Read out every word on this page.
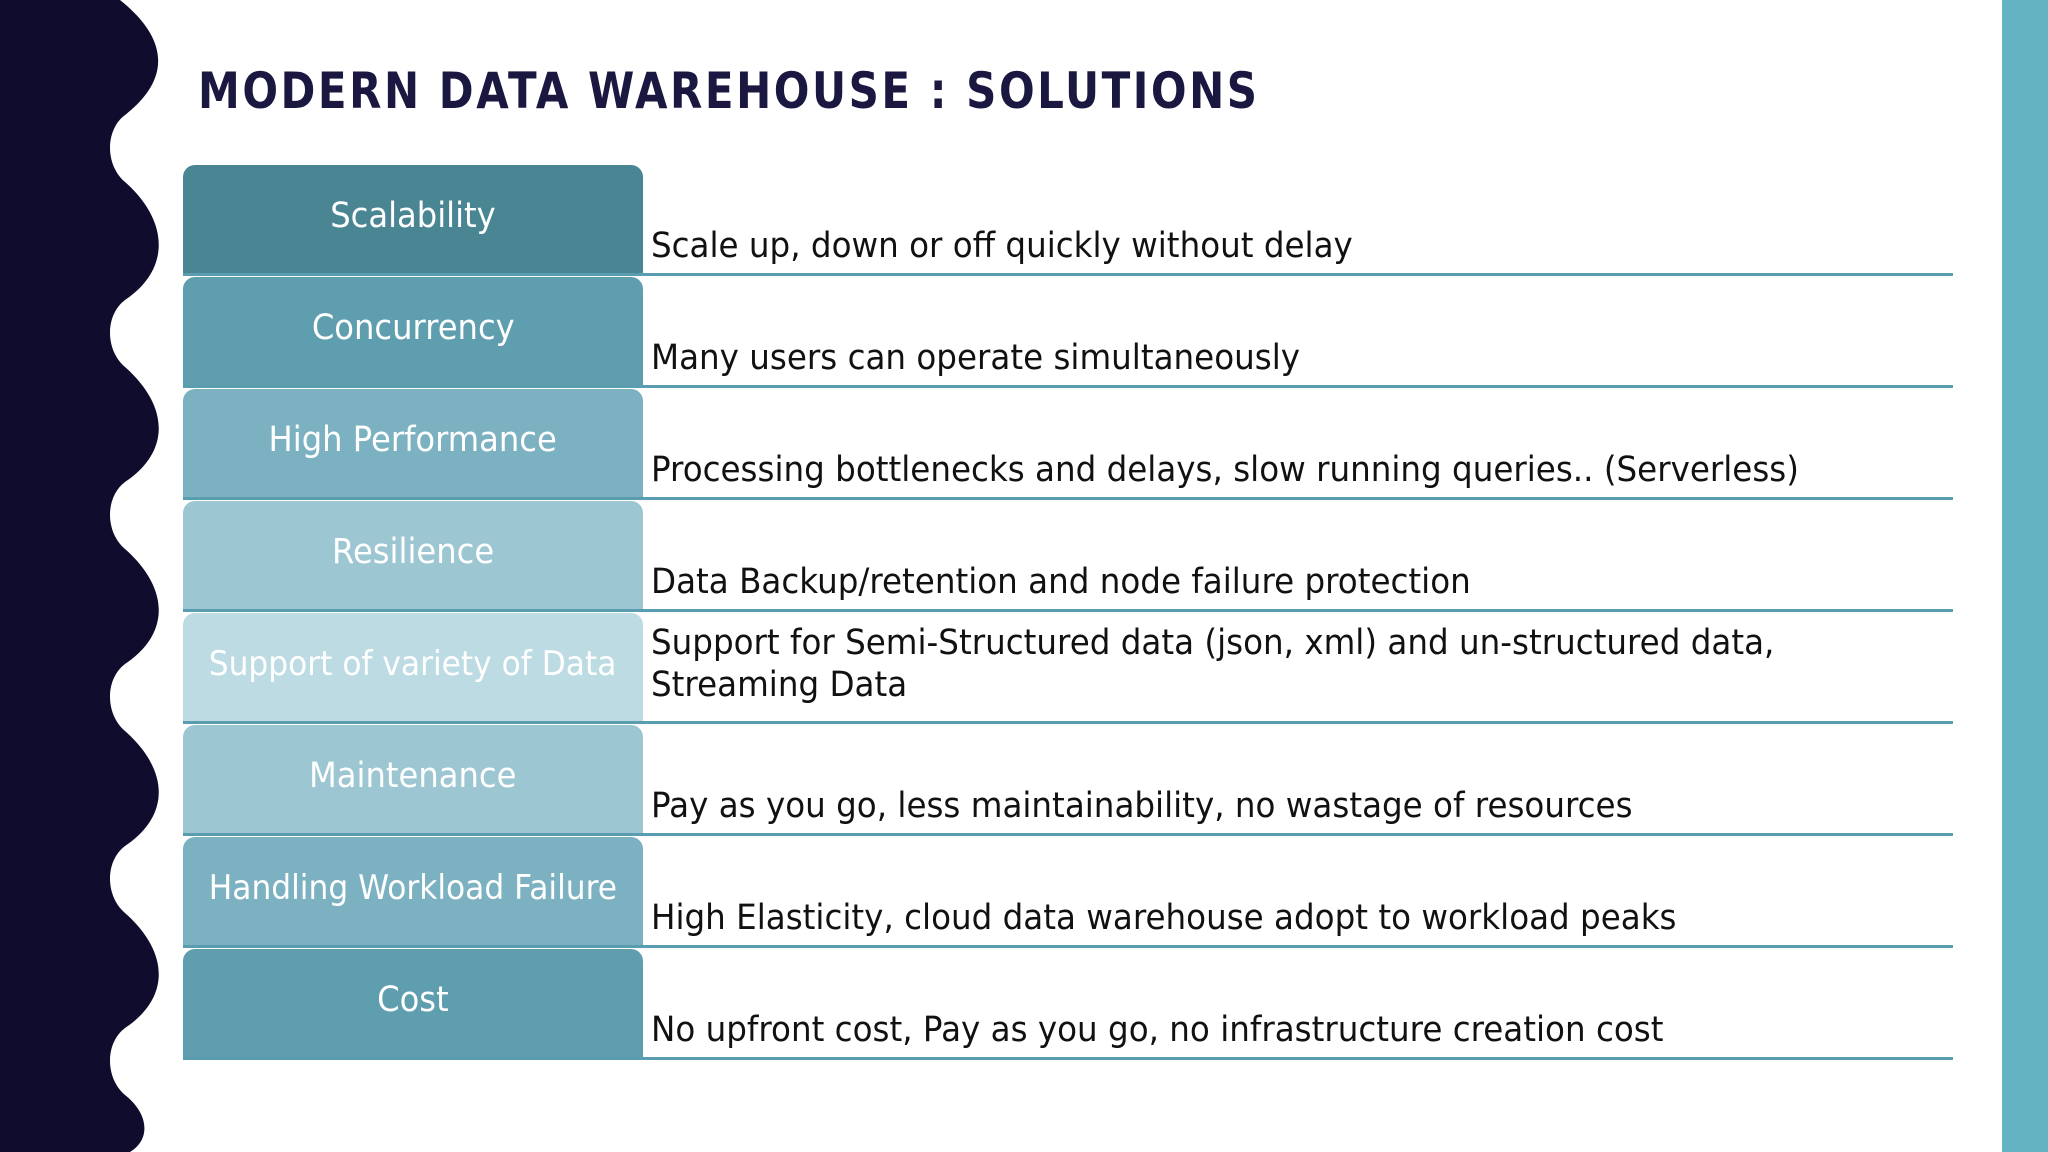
MODERN DATA WAREHOUSE : SOLUTIONS
Scalability
Scale up, down or off quickly without delay
Concurrency
Many users can operate simultaneously
High Performance
Processing bottlenecks and delays, slow running queries.. (Serverless)
Resilience
Data Backup/retention and node failure protection
Support of variety of Data
Support for Semi-Structured data (json, xml) and un-structured data, Streaming Data
Maintenance
Pay as you go, less maintainability, no wastage of resources
Handling Workload Failure
High Elasticity, cloud data warehouse adopt to workload peaks
Cost
No upfront cost, Pay as you go, no infrastructure creation cost
